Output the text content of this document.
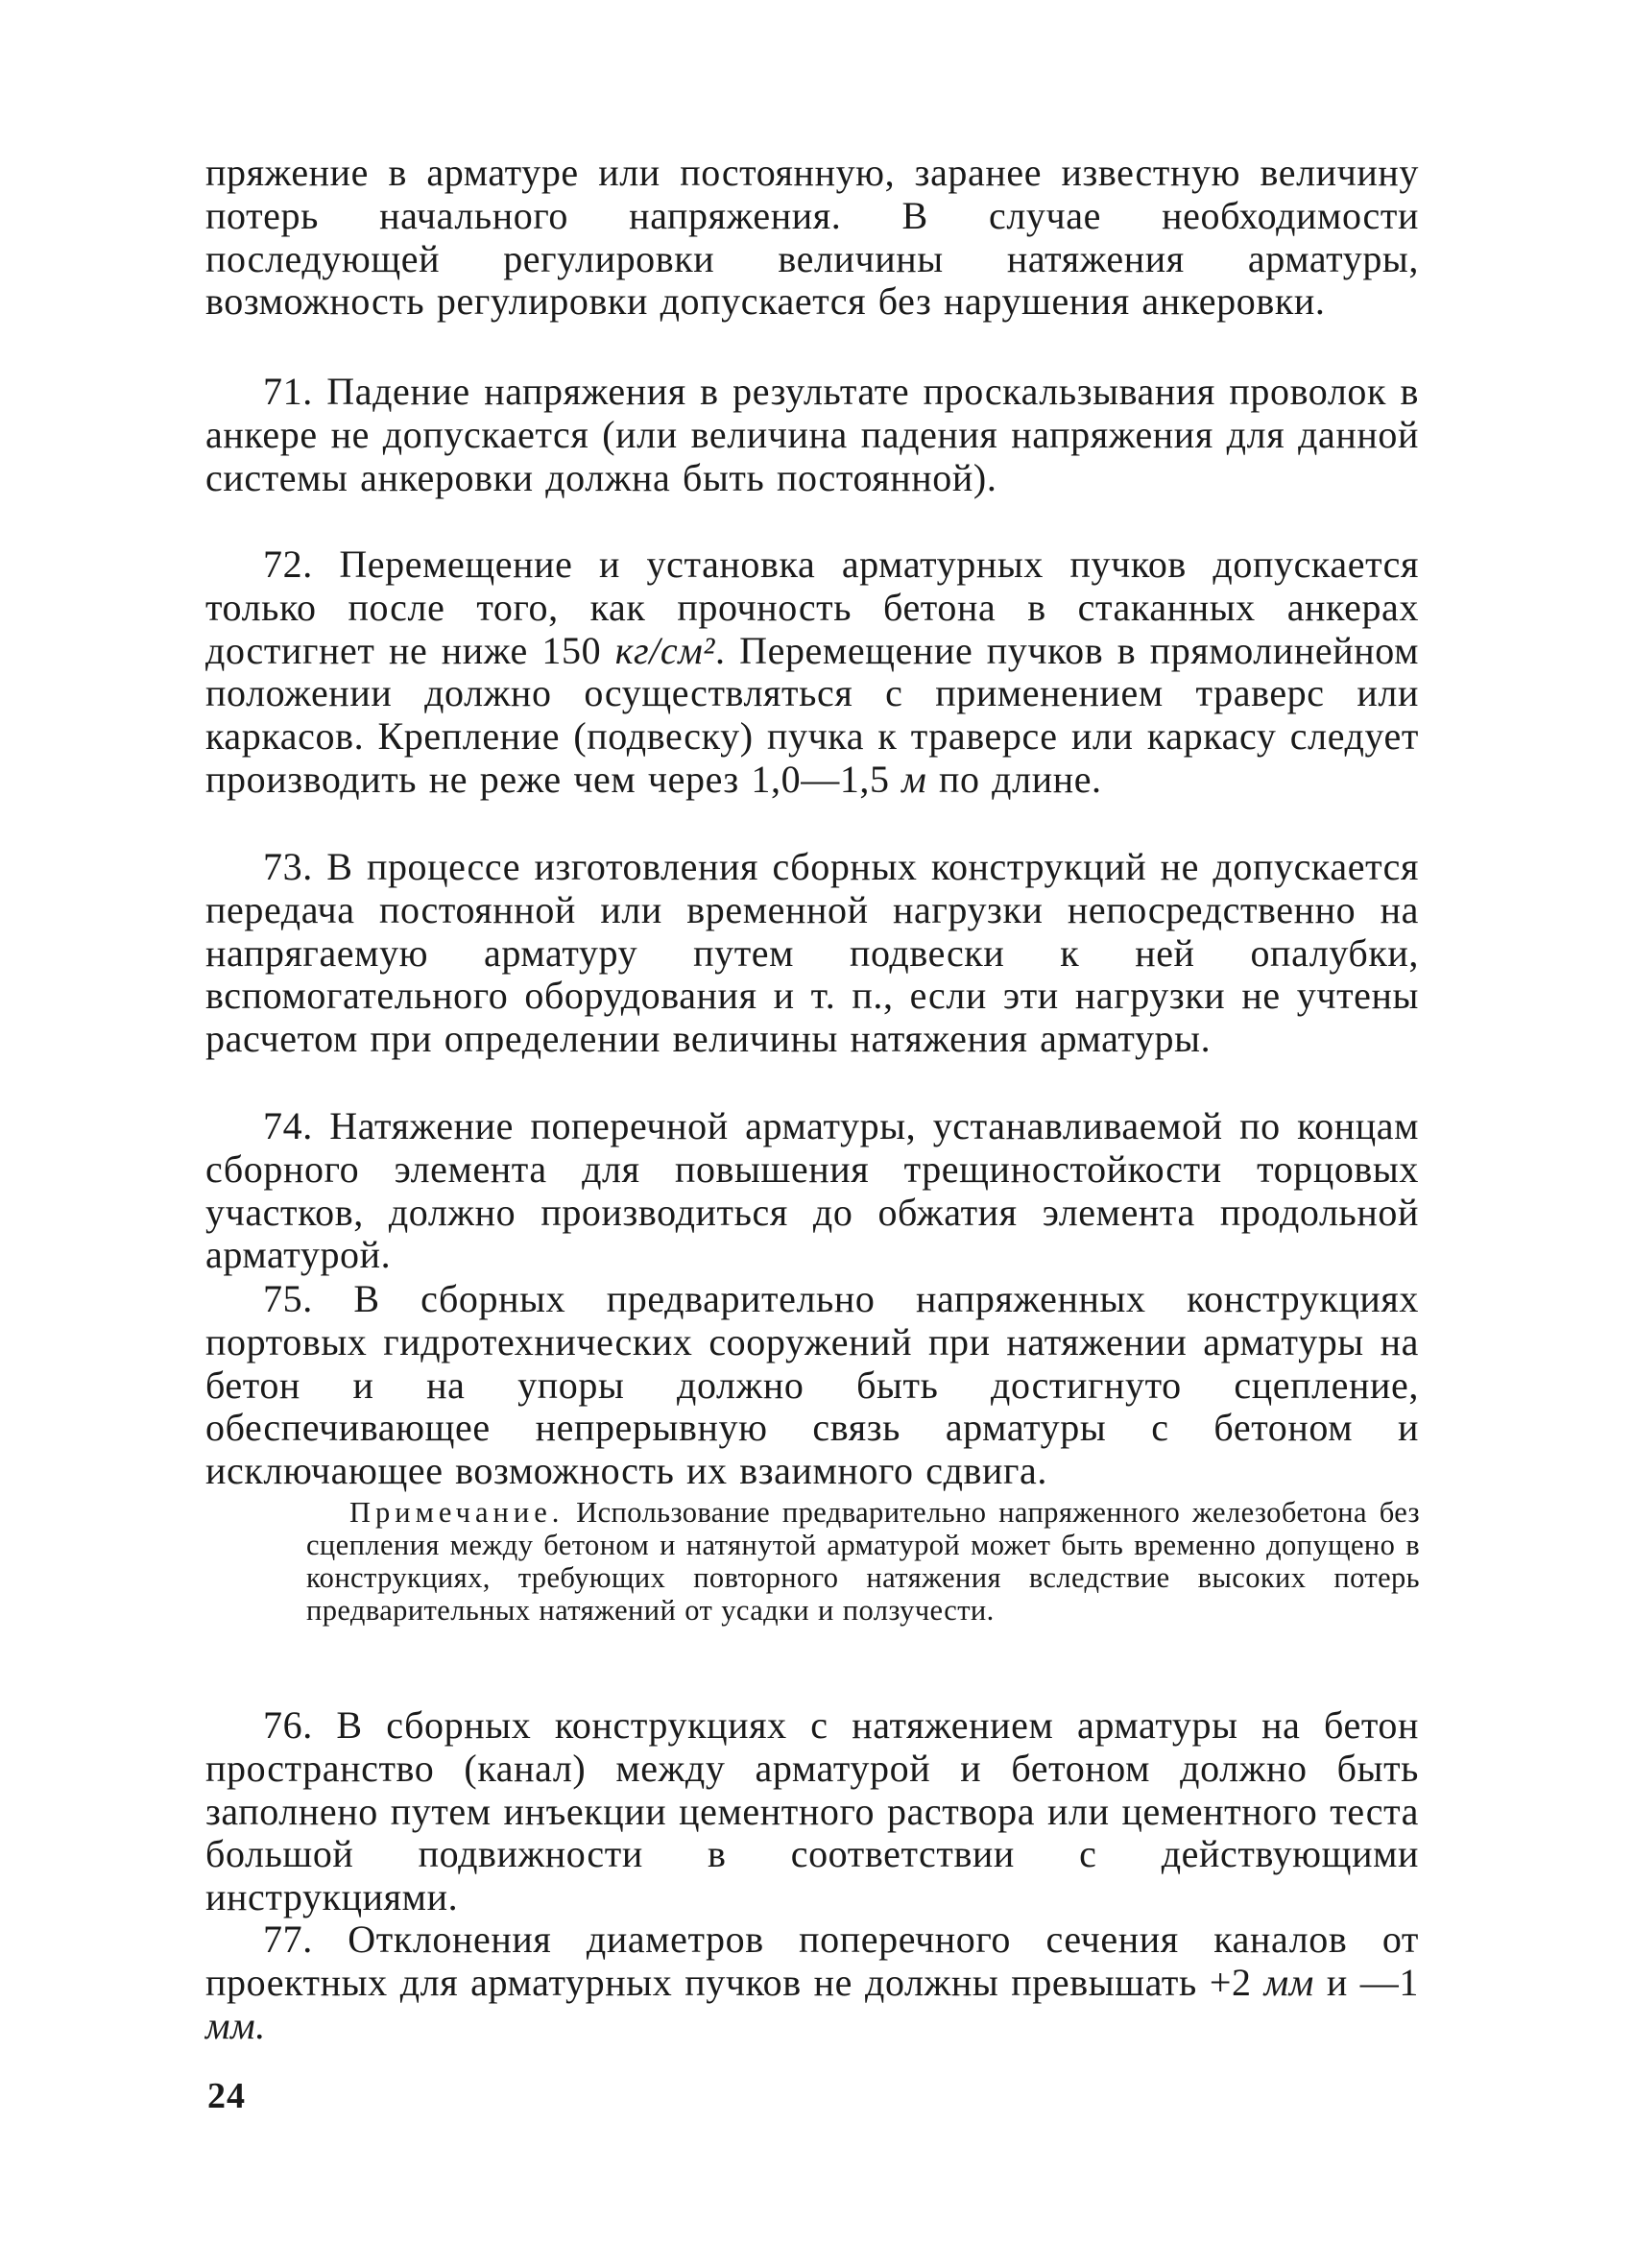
пряжение в арматуре или постоянную, заранее известную величину потерь начального напряжения. В случае необходимости последующей регулировки величины натяжения арматуры, возможность регулировки допускается без нарушения анкеровки.

71. Падение напряжения в результате проскальзывания проволок в анкере не допускается (или величина падения напряжения для данной системы анкеровки должна быть постоянной).

72. Перемещение и установка арматурных пучков допускается только после того, как прочность бетона в стаканных анкерах достигнет не ниже 150 кг/см². Перемещение пучков в прямолинейном положении должно осуществляться с применением траверс или каркасов. Крепление (подвеску) пучка к траверсе или каркасу следует производить не реже чем через 1,0—1,5 м по длине.

73. В процессе изготовления сборных конструкций не допускается передача постоянной или временной нагрузки непосредственно на напрягаемую арматуру путем подвески к ней опалубки, вспомогательного оборудования и т. п., если эти нагрузки не учтены расчетом при определении величины натяжения арматуры.

74. Натяжение поперечной арматуры, устанавливаемой по концам сборного элемента для повышения трещиностойкости торцовых участков, должно производиться до обжатия элемента продольной арматурой.

75. В сборных предварительно напряженных конструкциях портовых гидротехнических сооружений при натяжении арматуры на бетон и на упоры должно быть достигнуто сцепление, обеспечивающее непрерывную связь арматуры с бетоном и исключающее возможность их взаимного сдвига.

Примечание. Использование предварительно напряженного железобетона без сцепления между бетоном и натянутой арматурой может быть временно допущено в конструкциях, требующих повторного натяжения вследствие высоких потерь предварительных натяжений от усадки и ползучести.

76. В сборных конструкциях с натяжением арматуры на бетон пространство (канал) между арматурой и бетоном должно быть заполнено путем инъекции цементного раствора или цементного теста большой подвижности в соответствии с действующими инструкциями.

77. Отклонения диаметров поперечного сечения каналов от проектных для арматурных пучков не должны превышать +2 мм и —1 мм.

24
